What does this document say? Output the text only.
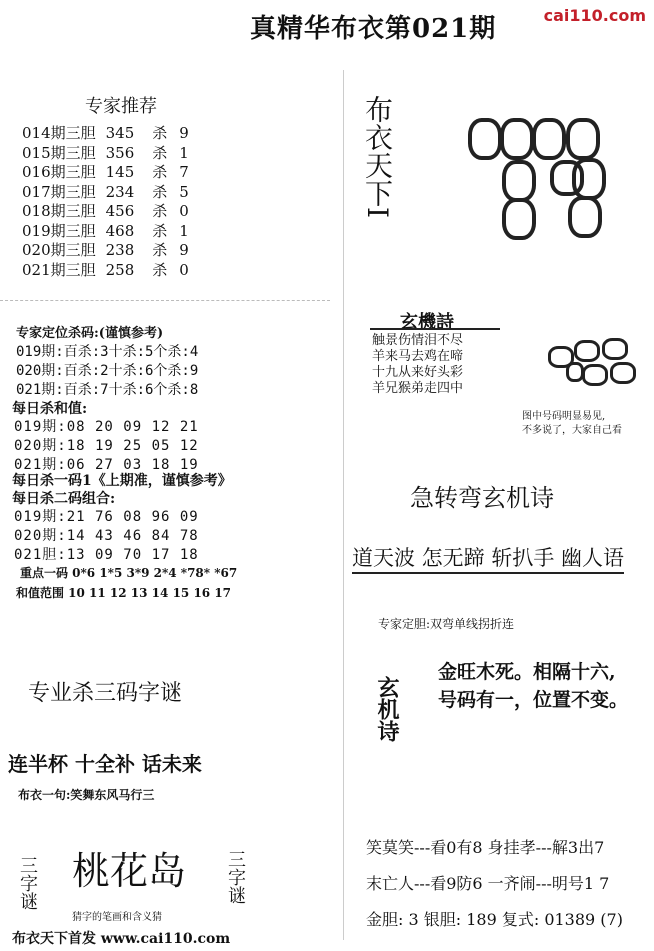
真精华布衣第021期	cai110.com
专家推荐
014期三胆 345 杀 9
015期三胆 356 杀 1
016期三胆 145 杀 7
017期三胆 234 杀 5
018期三胆 456 杀 0
019期三胆 468 杀 1
020期三胆 238 杀 9
021期三胆 258 杀 0
专家定位杀码:(谨慎参考)
019期:百杀:3十杀:5个杀:4
020期:百杀:2十杀:6个杀:9
021期:百杀:7十杀:6个杀:8
每日杀和值:
019期:08 20 09 12 21
020期:18 19 25 05 12
021期:06 27 03 18 19
每日杀一码1《上期准，谨慎参考》
每日杀二码组合:
019期:21 76 08 96 09
020期:14 43 46 84 78
021胆:13 09 70 17 18
重点一码 0*6 1*5 3*9 2*4 *78* *67
和值范围 10 11 12 13 14 15 16 17
专业杀三码字谜
连半杯 十全补 话未来
布衣一句:笑舞东风马行三
三字谜 桃花岛 三字谜
猜字的笔画和含义猜
布衣天下首发 www.cai110.com
布衣天下I
玄機詩
触景伤情泪不尽
羊来马去鸡在啼
十九从来好头彩
羊兄猴弟走四中
图中号码明显易见,
不多说了，大家自己看
急转弯玄机诗
道天波 怎无蹄 斩扒手 幽人语
专家定胆:双弯单线拐折连
玄机诗
金旺木死。相隔十六,
号码有一，位置不变。
笑莫笑---看0有8 身挂孝---解3出7
末亡人---看9防6 一齐闹---明号1 7
金胆: 3 银胆: 189 复式: 01389 (7)
